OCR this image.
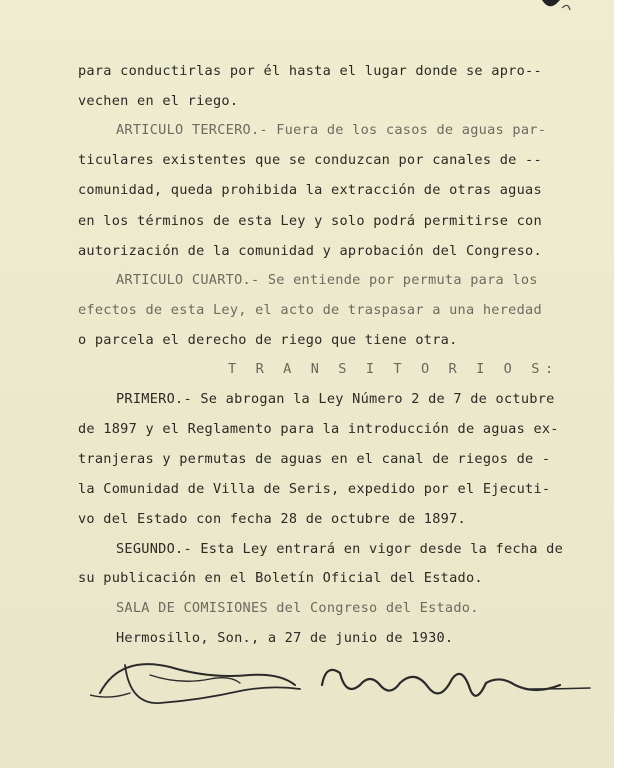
para conductirlas por él hasta el lugar donde se apro--
vechen en el riego.
ARTICULO TERCERO.- Fuera de los casos de aguas par-
ticulares existentes que se conduzcan por canales de --
comunidad, queda prohibida la extracción de otras aguas
en los términos de esta Ley y solo podrá permitirse con
autorización de la comunidad y aprobación del Congreso.
ARTICULO CUARTO.- Se entiende por permuta para los
efectos de esta Ley, el acto de traspasar a una heredad
o parcela el derecho de riego que tiene otra.
T R A N S I T O R I O S:
PRIMERO.- Se abrogan la Ley Número 2 de 7 de octubre
de 1897 y el Reglamento para la introducción de aguas ex-
tranjeras y permutas de aguas en el canal de riegos de -
la Comunidad de Villa de Seris, expedido por el Ejecuti-
vo del Estado con fecha 28 de octubre de 1897.
SEGUNDO.- Esta Ley entrará en vigor desde la fecha de
su publicación en el Boletín Oficial del Estado.
SALA DE COMISIONES del Congreso del Estado.
Hermosillo, Son., a 27 de junio de 1930.
